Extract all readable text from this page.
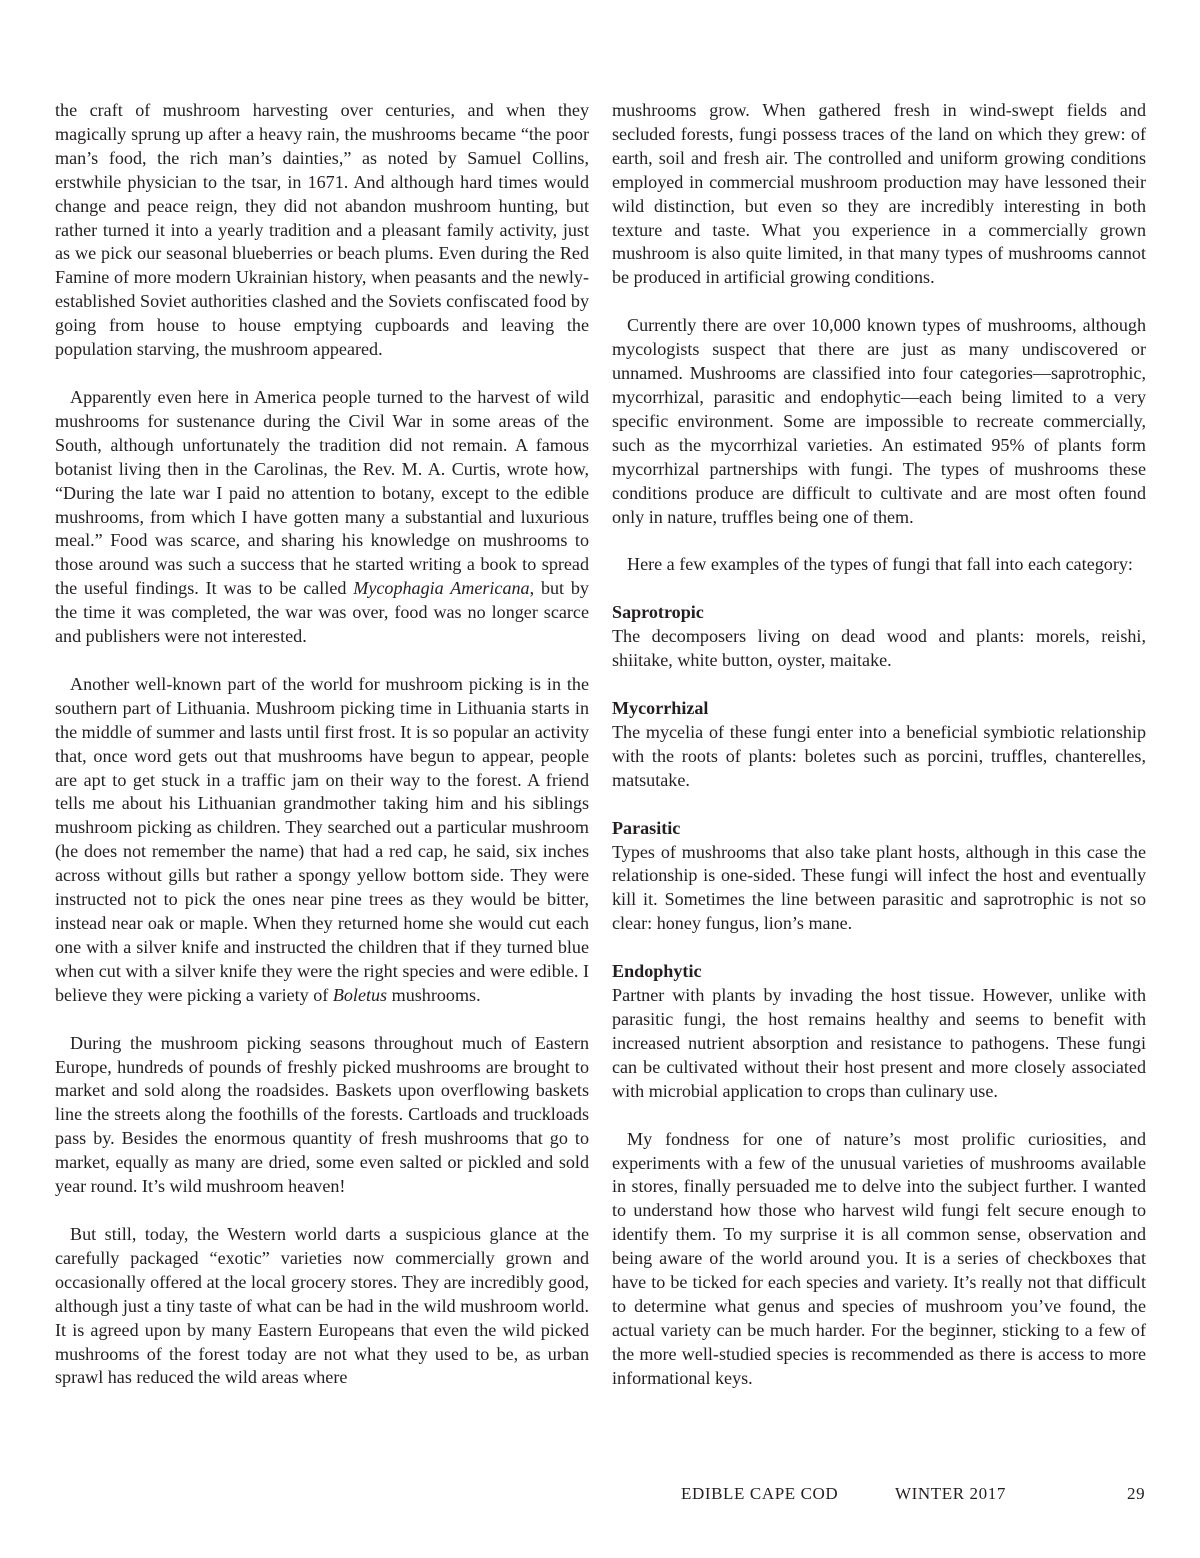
the craft of mushroom harvesting over centuries, and when they magically sprung up after a heavy rain, the mushrooms became “the poor man’s food, the rich man’s dainties,” as noted by Samuel Collins, erstwhile physician to the tsar, in 1671. And although hard times would change and peace reign, they did not abandon mushroom hunting, but rather turned it into a yearly tradition and a pleasant family activity, just as we pick our seasonal blueberries or beach plums. Even during the Red Famine of more modern Ukrainian history, when peasants and the newly-established Soviet authorities clashed and the Soviets confiscated food by going from house to house emptying cupboards and leaving the population starving, the mushroom appeared.

Apparently even here in America people turned to the harvest of wild mushrooms for sustenance during the Civil War in some areas of the South, although unfortunately the tradition did not remain. A famous botanist living then in the Carolinas, the Rev. M. A. Curtis, wrote how, “During the late war I paid no attention to botany, except to the edible mushrooms, from which I have gotten many a substantial and luxurious meal.” Food was scarce, and sharing his knowledge on mushrooms to those around was such a success that he started writing a book to spread the useful findings. It was to be called Mycophagia Americana, but by the time it was completed, the war was over, food was no longer scarce and publishers were not interested.

Another well-known part of the world for mushroom picking is in the southern part of Lithuania. Mushroom picking time in Lithuania starts in the middle of summer and lasts until first frost. It is so popular an activity that, once word gets out that mushrooms have begun to appear, people are apt to get stuck in a traffic jam on their way to the forest. A friend tells me about his Lithuanian grandmother taking him and his siblings mushroom picking as children. They searched out a particular mushroom (he does not remember the name) that had a red cap, he said, six inches across without gills but rather a spongy yellow bottom side. They were instructed not to pick the ones near pine trees as they would be bitter, instead near oak or maple. When they returned home she would cut each one with a silver knife and instructed the children that if they turned blue when cut with a silver knife they were the right species and were edible. I believe they were picking a variety of Boletus mushrooms.

During the mushroom picking seasons throughout much of Eastern Europe, hundreds of pounds of freshly picked mushrooms are brought to market and sold along the roadsides. Baskets upon overflowing baskets line the streets along the foothills of the forests. Cartloads and truckloads pass by. Besides the enormous quantity of fresh mushrooms that go to market, equally as many are dried, some even salted or pickled and sold year round. It’s wild mushroom heaven!

But still, today, the Western world darts a suspicious glance at the carefully packaged “exotic” varieties now commercially grown and occasionally offered at the local grocery stores. They are incredibly good, although just a tiny taste of what can be had in the wild mushroom world. It is agreed upon by many Eastern Europeans that even the wild picked mushrooms of the forest today are not what they used to be, as urban sprawl has reduced the wild areas where

mushrooms grow. When gathered fresh in wind-swept fields and secluded forests, fungi possess traces of the land on which they grew: of earth, soil and fresh air. The controlled and uniform growing conditions employed in commercial mushroom production may have lessoned their wild distinction, but even so they are incredibly interesting in both texture and taste. What you experience in a commercially grown mushroom is also quite limited, in that many types of mushrooms cannot be produced in artificial growing conditions.

Currently there are over 10,000 known types of mushrooms, although mycologists suspect that there are just as many undiscovered or unnamed. Mushrooms are classified into four categories—saprotrophic, mycorrhizal, parasitic and endophytic—each being limited to a very specific environment. Some are impossible to recreate commercially, such as the mycorrhizal varieties. An estimated 95% of plants form mycorrhizal partnerships with fungi. The types of mushrooms these conditions produce are difficult to cultivate and are most often found only in nature, truffles being one of them.

Here a few examples of the types of fungi that fall into each category:

Saprotropic

The decomposers living on dead wood and plants: morels, reishi, shiitake, white button, oyster, maitake.

Mycorrhizal

The mycelia of these fungi enter into a beneficial symbiotic relationship with the roots of plants: boletes such as porcini, truffles, chanterelles, matsutake.

Parasitic

Types of mushrooms that also take plant hosts, although in this case the relationship is one-sided. These fungi will infect the host and eventually kill it. Sometimes the line between parasitic and saprotrophic is not so clear: honey fungus, lion’s mane.

Endophytic

Partner with plants by invading the host tissue. However, unlike with parasitic fungi, the host remains healthy and seems to benefit with increased nutrient absorption and resistance to pathogens. These fungi can be cultivated without their host present and more closely associated with microbial application to crops than culinary use.

My fondness for one of nature’s most prolific curiosities, and experiments with a few of the unusual varieties of mushrooms available in stores, finally persuaded me to delve into the subject further. I wanted to understand how those who harvest wild fungi felt secure enough to identify them. To my surprise it is all common sense, observation and being aware of the world around you. It is a series of checkboxes that have to be ticked for each species and variety. It’s really not that difficult to determine what genus and species of mushroom you’ve found, the actual variety can be much harder. For the beginner, sticking to a few of the more well-studied species is recommended as there is access to more informational keys.

EDIBLE CAPE COD	WINTER 2017	29
